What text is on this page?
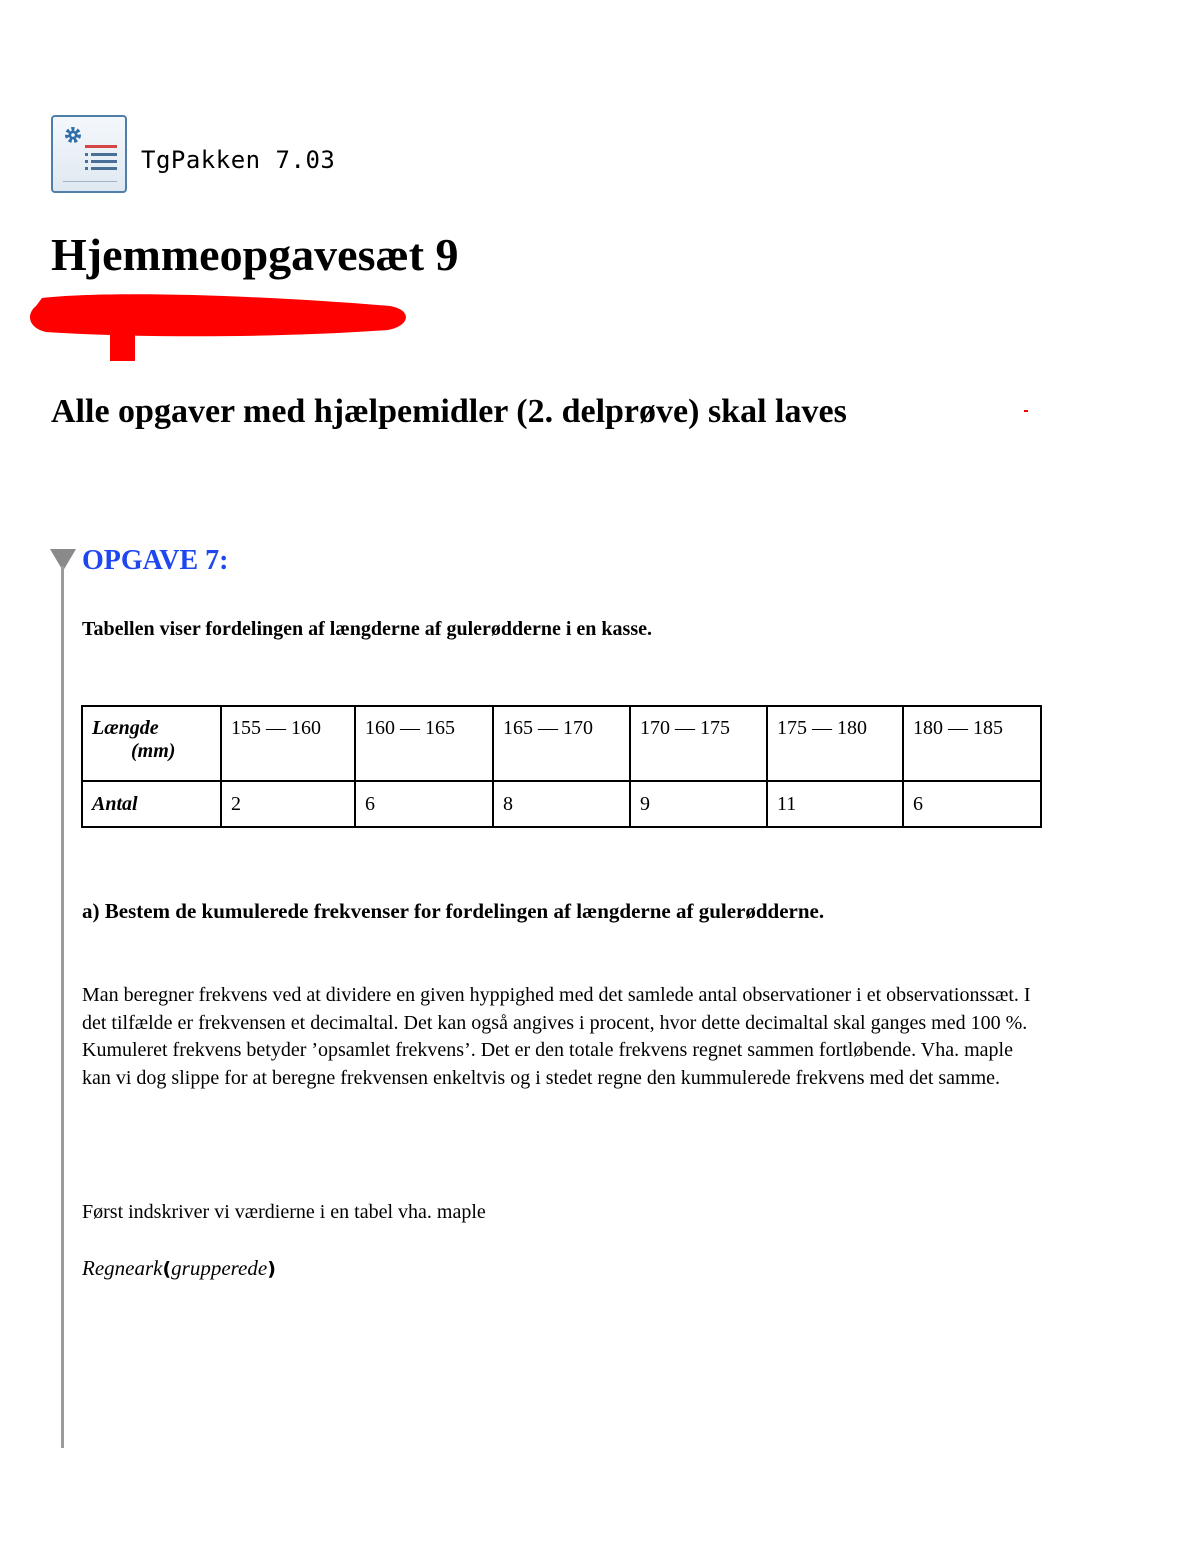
TgPakken 7.03
Hjemmeopgavesæt 9
Alle opgaver med hjælpemidler (2. delprøve) skal laves
OPGAVE 7:
Tabellen viser fordelingen af længderne af gulerødderne i en kasse.
Længde
(mm)	155 — 160	160 — 165	165 — 170	170 — 175	175 — 180	180 — 185
Antal	2	6	8	9	11	6
a) Bestem de kumulerede frekvenser for fordelingen af længderne af gulerødderne.

Man beregner frekvens ved at dividere en given hyppighed med det samlede antal observationer i et observationssæt. I det tilfælde er frekvensen et decimaltal. Det kan også angives i procent, hvor dette decimaltal skal ganges med 100 %.

Kumuleret frekvens betyder ’opsamlet frekvens’. Det er den totale frekvens regnet sammen fortløbende. Vha. maple kan vi dog slippe for at beregne frekvensen enkeltvis og i stedet regne den kummulerede frekvens med det samme.

Først indskriver vi værdierne i en tabel vha. maple
Regneark(grupperede)
